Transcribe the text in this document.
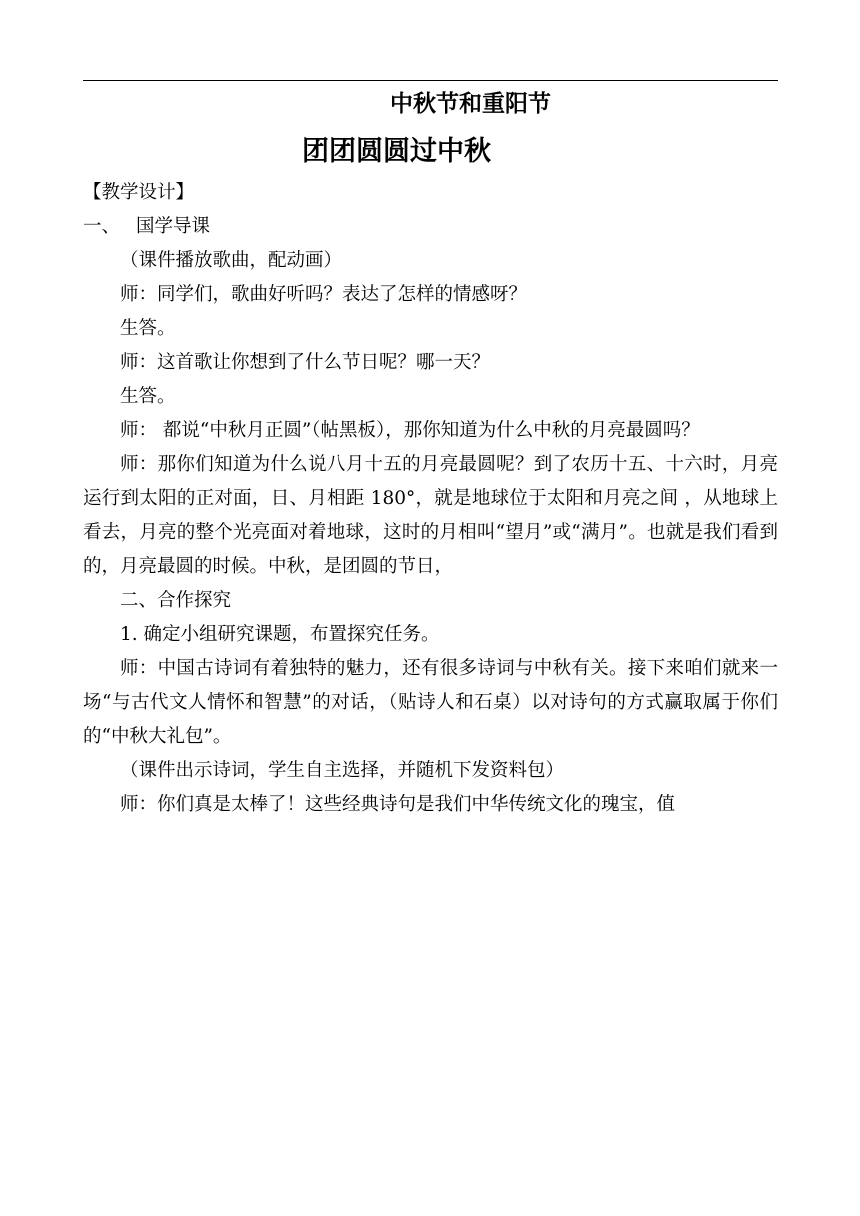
中秋节和重阳节
团团圆圆过中秋

【教学设计】

一、 国学导课

（课件播放歌曲，配动画）

师：同学们，歌曲好听吗？表达了怎样的情感呀？

生答。

师：这首歌让你想到了什么节日呢？哪一天？

生答。

师： 都说“中秋月正圆”（帖黑板），那你知道为什么中秋的月亮最圆吗？

师：那你们知道为什么说八月十五的月亮最圆呢？到了农历十五、十六时，月亮运行到太阳的正对面，日、月相距 180°，就是地球位于太阳和月亮之间 ，从地球上看去，月亮的整个光亮面对着地球，这时的月相叫“望月”或“满月”。也就是我们看到的，月亮最圆的时候。中秋，是团圆的节日，

二、合作探究

1. 确定小组研究课题，布置探究任务。

师：中国古诗词有着独特的魅力，还有很多诗词与中秋有关。接下来咱们就来一场“与古代文人情怀和智慧”的对话，（贴诗人和石桌）以对诗句的方式赢取属于你们的“中秋大礼包”。

（课件出示诗词，学生自主选择，并随机下发资料包）

师：你们真是太棒了！这些经典诗句是我们中华传统文化的瑰宝，值
